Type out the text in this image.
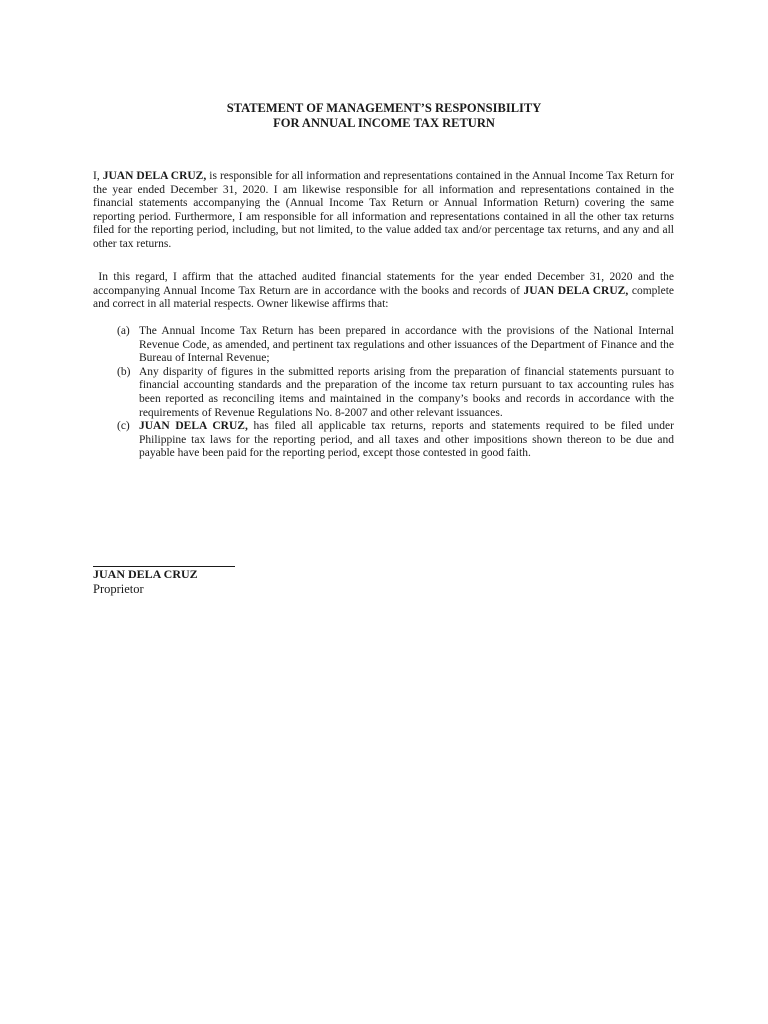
STATEMENT OF MANAGEMENT’S RESPONSIBILITY
FOR ANNUAL INCOME TAX RETURN

I, JUAN DELA CRUZ, is responsible for all information and representations contained in the Annual Income Tax Return for the year ended December 31, 2020. I am likewise responsible for all information and representations contained in the financial statements accompanying the (Annual Income Tax Return or Annual Information Return) covering the same reporting period. Furthermore, I am responsible for all information and representations contained in all the other tax returns filed for the reporting period, including, but not limited, to the value added tax and/or percentage tax returns, and any and all other tax returns.

In this regard, I affirm that the attached audited financial statements for the year ended December 31, 2020 and the accompanying Annual Income Tax Return are in accordance with the books and records of JUAN DELA CRUZ, complete and correct in all material respects. Owner likewise affirms that:

(a) The Annual Income Tax Return has been prepared in accordance with the provisions of the National Internal Revenue Code, as amended, and pertinent tax regulations and other issuances of the Department of Finance and the Bureau of Internal Revenue;
(b) Any disparity of figures in the submitted reports arising from the preparation of financial statements pursuant to financial accounting standards and the preparation of the income tax return pursuant to tax accounting rules has been reported as reconciling items and maintained in the company’s books and records in accordance with the requirements of Revenue Regulations No. 8-2007 and other relevant issuances.
(c) JUAN DELA CRUZ, has filed all applicable tax returns, reports and statements required to be filed under Philippine tax laws for the reporting period, and all taxes and other impositions shown thereon to be due and payable have been paid for the reporting period, except those contested in good faith.
JUAN DELA CRUZ
Proprietor
